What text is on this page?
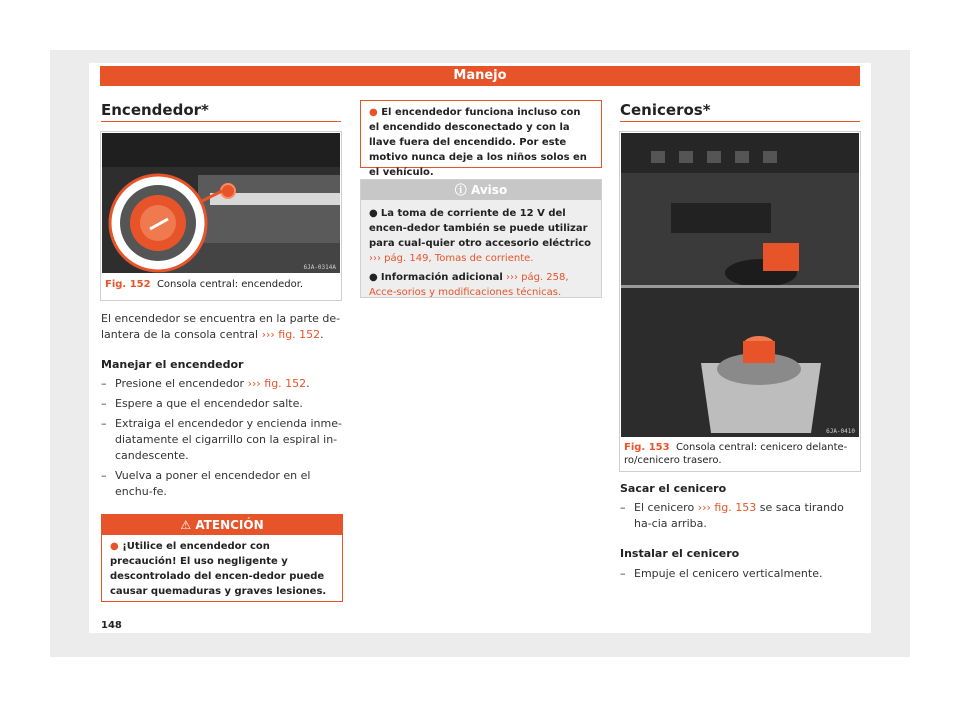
Manejo
Encendedor*
6JA-0314A
Fig. 152 Consola central: encendedor.
El encendedor se encuentra en la parte de-lantera de la consola central ››› fig. 152.
Manejar el encendedor
– Presione el encendedor ››› fig. 152.
– Espere a que el encendedor salte.
– Extraiga el encendedor y encienda inme-diatamente el cigarrillo con la espiral in-candescente.
– Vuelva a poner el encendedor en el enchu-fe.
⚠ ATENCIÓN
● ¡Utilice el encendedor con precaución! El uso negligente y descontrolado del encen-dedor puede causar quemaduras y graves lesiones.
● El encendedor funciona incluso con el encendido desconectado y con la llave fuera del encendido. Por este motivo nunca deje a los niños solos en el vehículo.
ⓘ Aviso
● La toma de corriente de 12 V del encen-dedor también se puede utilizar para cual-quier otro accesorio eléctrico ››› pág. 149, Tomas de corriente.
● Información adicional ››› pág. 258, Acce-sorios y modificaciones técnicas.
Ceniceros*
6JA-0410
Fig. 153 Consola central: cenicero delante-ro/cenicero trasero.
Sacar el cenicero
– El cenicero ››› fig. 153 se saca tirando ha-cia arriba.
Instalar el cenicero
– Empuje el cenicero verticalmente.
148
